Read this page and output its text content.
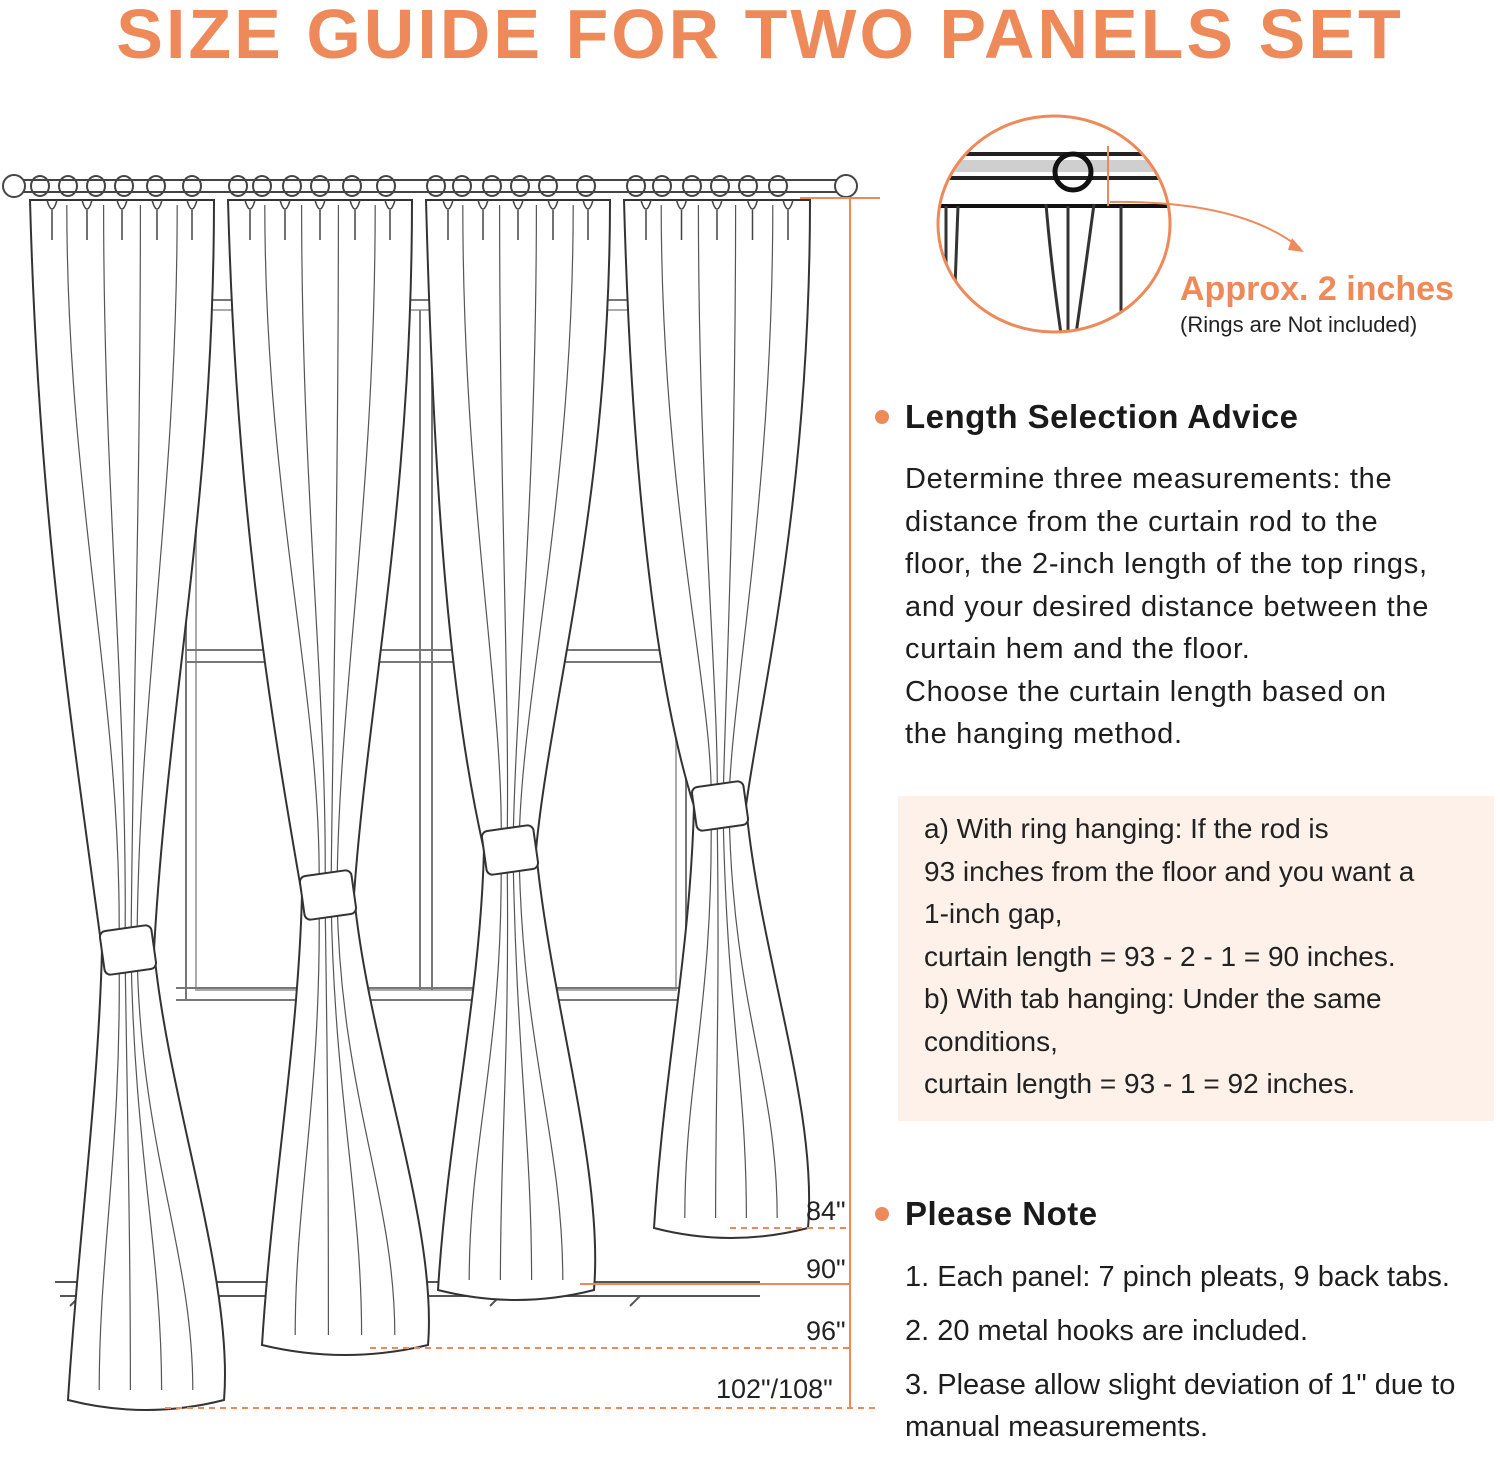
SIZE GUIDE FOR TWO PANELS SET
84"
90"
96"
102"/108"
Approx. 2 inches
(Rings are Not included)
Length Selection Advice
Determine three measurements: the
distance from the curtain rod to the
floor, the 2-inch length of the top rings,
and your desired distance between the
curtain hem and the floor.
Choose the curtain length based on
the hanging method.
a) With ring hanging: If the rod is
93 inches from the floor and you want a
1-inch gap,
curtain length = 93 - 2 - 1 = 90 inches.
b) With tab hanging: Under the same
conditions,
curtain length = 93 - 1 = 92 inches.
Please Note
1. Each panel: 7 pinch pleats, 9 back tabs.
2. 20 metal hooks are included.
3. Please allow slight deviation of 1" due to
manual measurements.
